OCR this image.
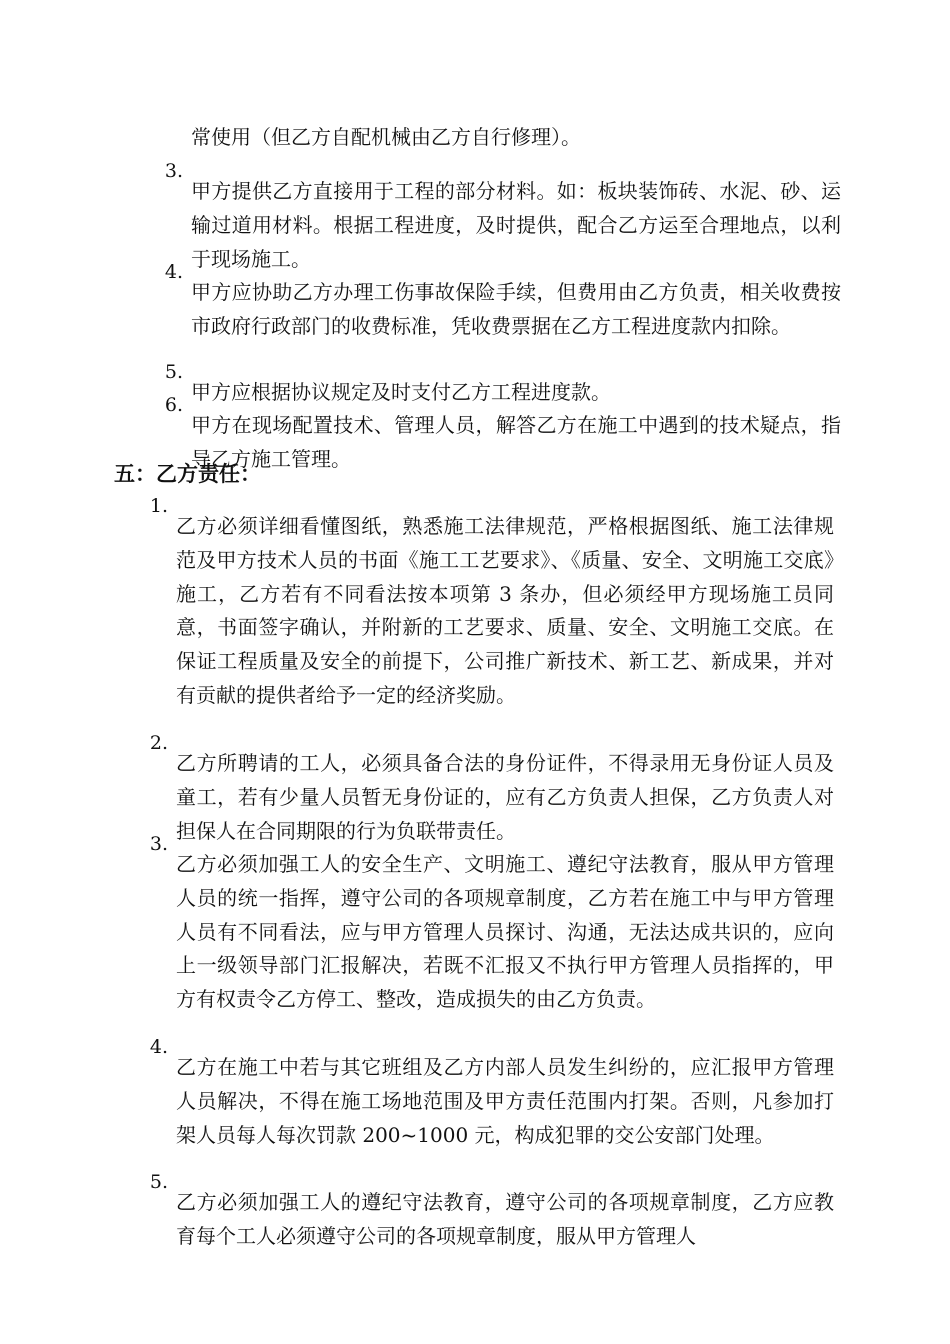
常使用（但乙方自配机械由乙方自行修理）。

3.

甲方提供乙方直接用于工程的部分材料。如：板块装饰砖、水泥、砂、运输过道用材料。根据工程进度，及时提供，配合乙方运至合理地点，以利于现场施工。

4.

甲方应协助乙方办理工伤事故保险手续，但费用由乙方负责，相关收费按市政府行政部门的收费标准，凭收费票据在乙方工程进度款内扣除。

5.

甲方应根据协议规定及时支付乙方工程进度款。

6.

甲方在现场配置技术、管理人员，解答乙方在施工中遇到的技术疑点，指导乙方施工管理。

五：乙方责任：
1.

乙方必须详细看懂图纸，熟悉施工法律规范，严格根据图纸、施工法律规范及甲方技术人员的书面《施工工艺要求》、《质量、安全、文明施工交底》施工，乙方若有不同看法按本项第 3 条办，但必须经甲方现场施工员同意，书面签字确认，并附新的工艺要求、质量、安全、文明施工交底。在保证工程质量及安全的前提下，公司推广新技术、新工艺、新成果，并对有贡献的提供者给予一定的经济奖励。

2.

乙方所聘请的工人，必须具备合法的身份证件，不得录用无身份证人员及童工，若有少量人员暂无身份证的，应有乙方负责人担保，乙方负责人对担保人在合同期限的行为负联带责任。

3.

乙方必须加强工人的安全生产、文明施工、遵纪守法教育，服从甲方管理人员的统一指挥，遵守公司的各项规章制度，乙方若在施工中与甲方管理人员有不同看法，应与甲方管理人员探讨、沟通，无法达成共识的，应向上一级领导部门汇报解决，若既不汇报又不执行甲方管理人员指挥的，甲方有权责令乙方停工、整改，造成损失的由乙方负责。

4.

乙方在施工中若与其它班组及乙方内部人员发生纠纷的，应汇报甲方管理人员解决，不得在施工场地范围及甲方责任范围内打架。否则，凡参加打架人员每人每次罚款 200~1000 元，构成犯罪的交公安部门处理。

5.

乙方必须加强工人的遵纪守法教育，遵守公司的各项规章制度，乙方应教育每个工人必须遵守公司的各项规章制度，服从甲方管理人
